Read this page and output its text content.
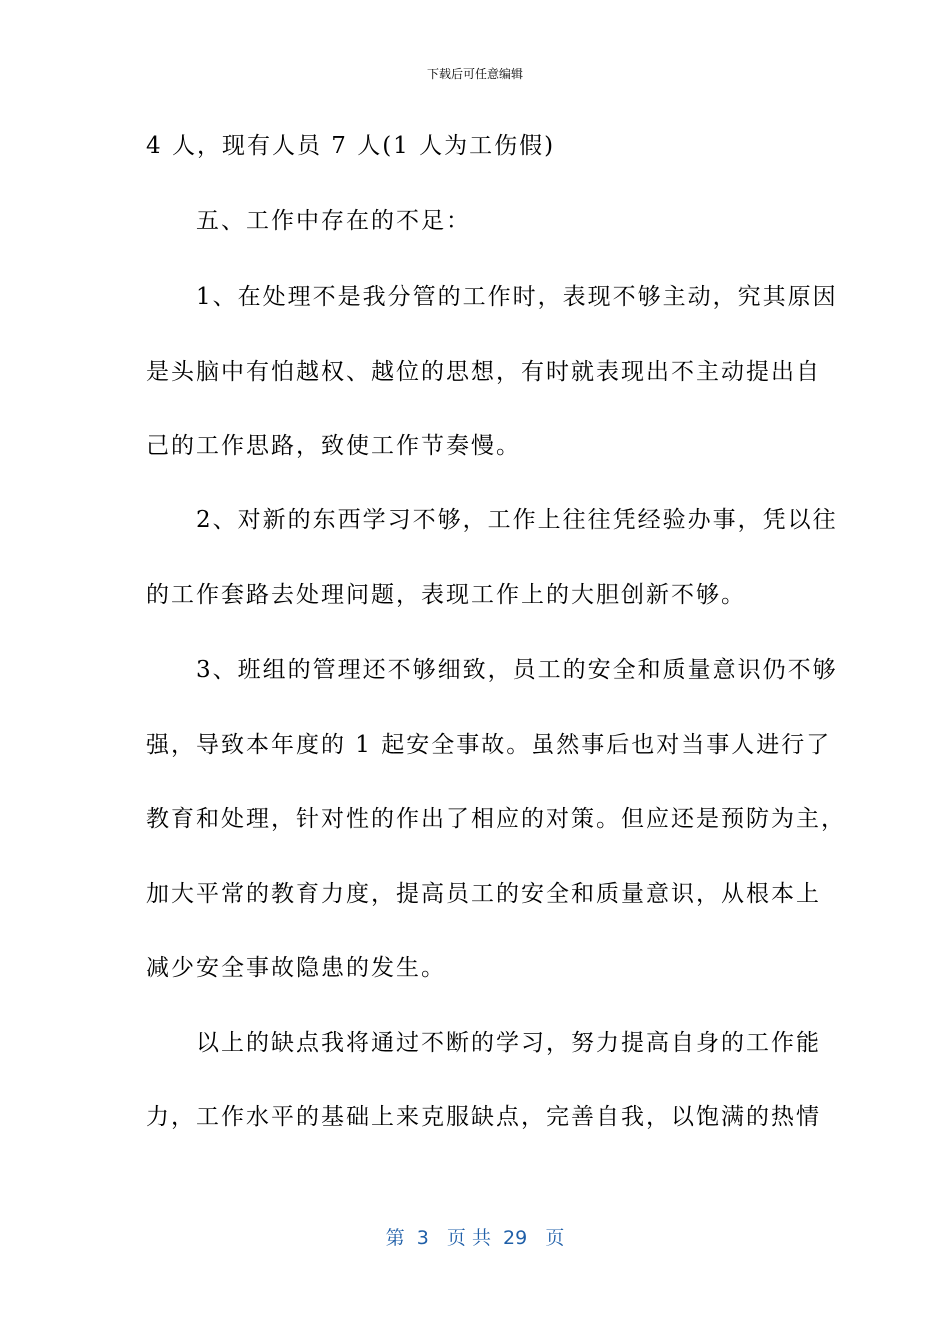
下载后可任意编辑
4 人，现有人员 7 人(1 人为工伤假)
　　五、工作中存在的不足：
　　1、在处理不是我分管的工作时，表现不够主动，究其原因
是头脑中有怕越权、越位的思想，有时就表现出不主动提出自
己的工作思路，致使工作节奏慢。
　　2、对新的东西学习不够，工作上往往凭经验办事，凭以往
的工作套路去处理问题，表现工作上的大胆创新不够。
　　3、班组的管理还不够细致，员工的安全和质量意识仍不够
强，导致本年度的 1 起安全事故。虽然事后也对当事人进行了
教育和处理，针对性的作出了相应的对策。但应还是预防为主，
加大平常的教育力度，提高员工的安全和质量意识，从根本上
减少安全事故隐患的发生。
　　以上的缺点我将通过不断的学习，努力提高自身的工作能
力，工作水平的基础上来克服缺点，完善自我，以饱满的热情
第  3   页 共  29   页
